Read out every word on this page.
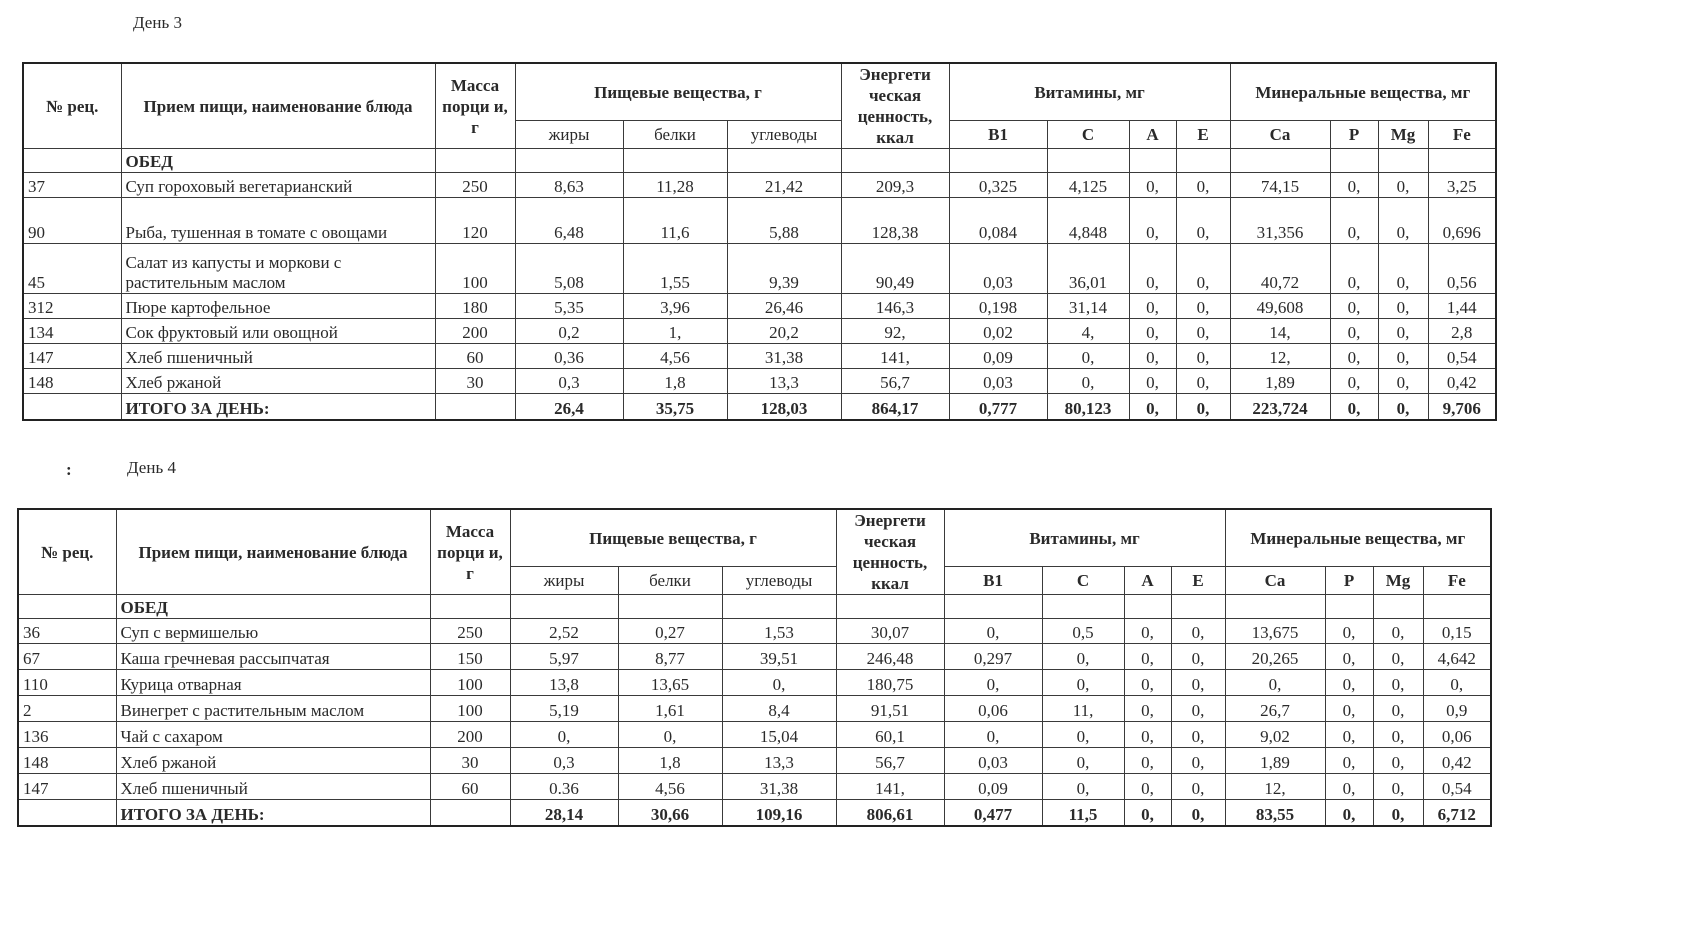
День 3
№ рец.	Прием пищи, наименование блюда	Масса порци и, г	Пищевые вещества, г			Энергети ческая ценность, ккал	Витамины, мг				Минеральные вещества, мг			
			жиры	белки	углеводы		В1	С	А	Е	Са	Р	Mg	Fe
	ОБЕД													
37	Суп гороховый вегетарианский	250	8,63	11,28	21,42	209,3	0,325	4,125	0,	0,	74,15	0,	0,	3,25
90	Рыба, тушенная в томате с овощами	120	6,48	11,6	5,88	128,38	0,084	4,848	0,	0,	31,356	0,	0,	0,696
45	Салат из капусты и моркови с растительным маслом	100	5,08	1,55	9,39	90,49	0,03	36,01	0,	0,	40,72	0,	0,	0,56
312	Пюре картофельное	180	5,35	3,96	26,46	146,3	0,198	31,14	0,	0,	49,608	0,	0,	1,44
134	Сок фруктовый или овощной	200	0,2	1,	20,2	92,	0,02	4,	0,	0,	14,	0,	0,	2,8
147	Хлеб пшеничный	60	0,36	4,56	31,38	141,	0,09	0,	0,	0,	12,	0,	0,	0,54
148	Хлеб ржаной	30	0,3	1,8	13,3	56,7	0,03	0,	0,	0,	1,89	0,	0,	0,42
	ИТОГО ЗА ДЕНЬ:		26,4	35,75	128,03	864,17	0,777	80,123	0,	0,	223,724	0,	0,	9,706
:	День 4
№ рец.	Прием пищи, наименование блюда	Масса порци и, г	Пищевые вещества, г			Энергети ческая ценность, ккал	Витамины, мг				Минеральные вещества, мг			
			жиры	белки	углеводы		В1	С	А	Е	Са	Р	Mg	Fe
	ОБЕД													
36	Суп с вермишелью	250	2,52	0,27	1,53	30,07	0,	0,5	0,	0,	13,675	0,	0,	0,15
67	Каша гречневая рассыпчатая	150	5,97	8,77	39,51	246,48	0,297	0,	0,	0,	20,265	0,	0,	4,642
110	Курица отварная	100	13,8	13,65	0,	180,75	0,	0,	0,	0,	0,	0,	0,	0,
2	Винегрет с растительным маслом	100	5,19	1,61	8,4	91,51	0,06	11,	0,	0,	26,7	0,	0,	0,9
136	Чай с сахаром	200	0,	0,	15,04	60,1	0,	0,	0,	0,	9,02	0,	0,	0,06
148	Хлеб ржаной	30	0,3	1,8	13,3	56,7	0,03	0,	0,	0,	1,89	0,	0,	0,42
147	Хлеб пшеничный	60	0.36	4,56	31,38	141,	0,09	0,	0,	0,	12,	0,	0,	0,54
	ИТОГО ЗА ДЕНЬ:		28,14	30,66	109,16	806,61	0,477	11,5	0,	0,	83,55	0,	0,	6,712
